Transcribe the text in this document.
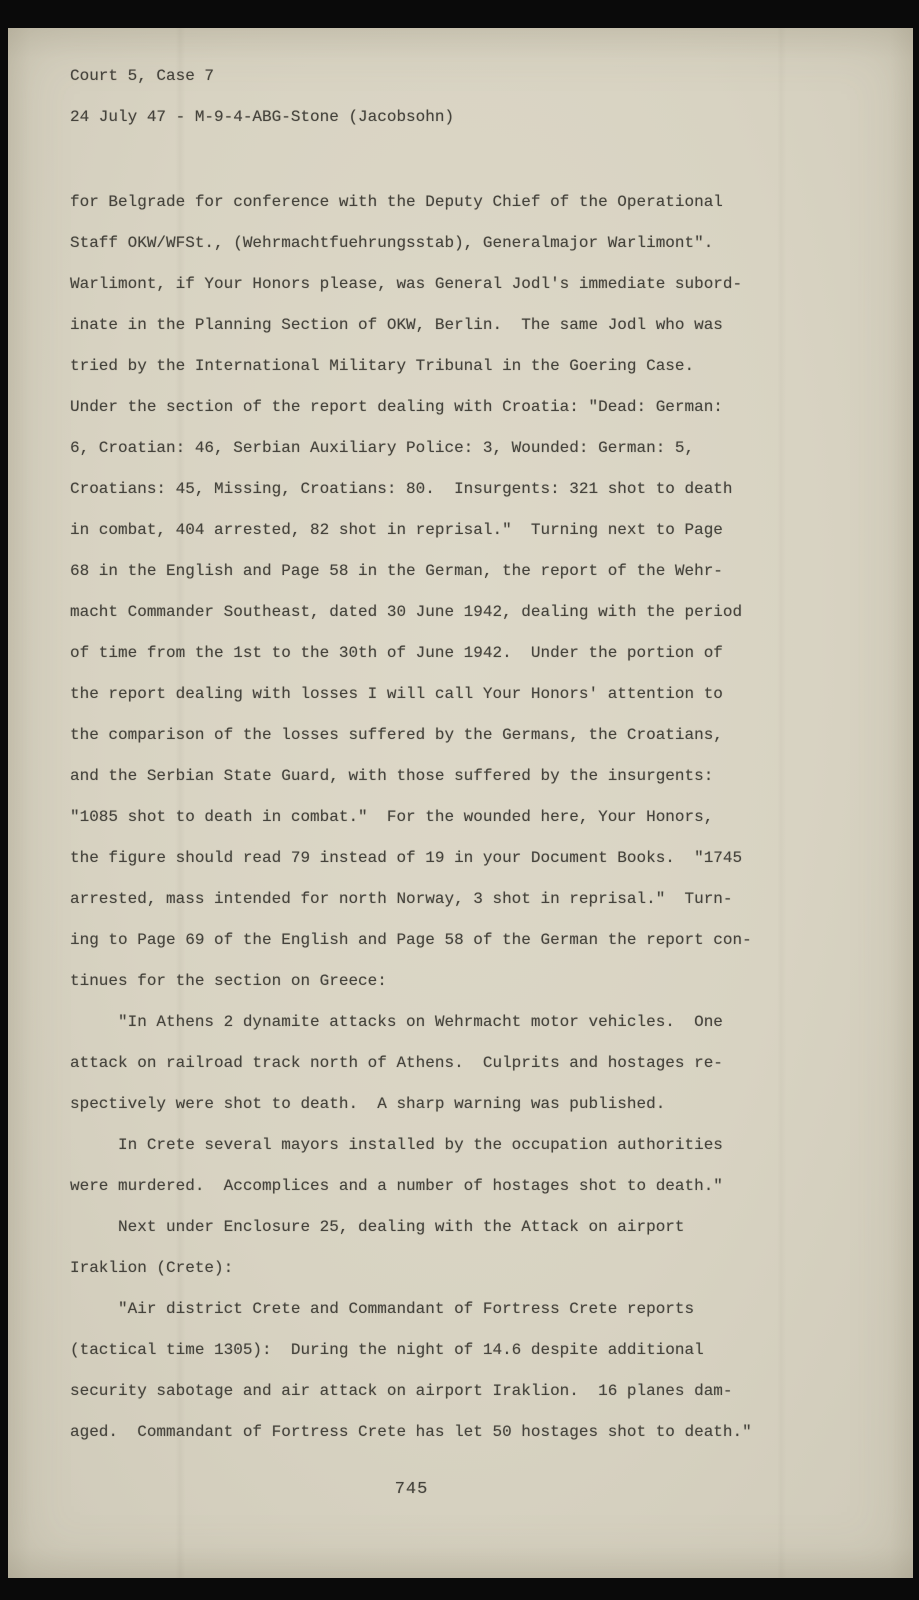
Court 5, Case 7
24 July 47 - M-9-4-ABG-Stone (Jacobsohn)
for Belgrade for conference with the Deputy Chief of the Operational
Staff OKW/WFSt., (Wehrmachtfuehrungsstab), Generalmajor Warlimont".
Warlimont, if Your Honors please, was General Jodl's immediate subord-
inate in the Planning Section of OKW, Berlin.  The same Jodl who was
tried by the International Military Tribunal in the Goering Case.
Under the section of the report dealing with Croatia: "Dead: German:
6, Croatian: 46, Serbian Auxiliary Police: 3, Wounded: German: 5,
Croatians: 45, Missing, Croatians: 80.  Insurgents: 321 shot to death
in combat, 404 arrested, 82 shot in reprisal."  Turning next to Page
68 in the English and Page 58 in the German, the report of the Wehr-
macht Commander Southeast, dated 30 June 1942, dealing with the period
of time from the 1st to the 30th of June 1942.  Under the portion of
the report dealing with losses I will call Your Honors' attention to
the comparison of the losses suffered by the Germans, the Croatians,
and the Serbian State Guard, with those suffered by the insurgents:
"1085 shot to death in combat."  For the wounded here, Your Honors,
the figure should read 79 instead of 19 in your Document Books.  "1745
arrested, mass intended for north Norway, 3 shot in reprisal."  Turn-
ing to Page 69 of the English and Page 58 of the German the report con-
tinues for the section on Greece:
"In Athens 2 dynamite attacks on Wehrmacht motor vehicles.  One
attack on railroad track north of Athens.  Culprits and hostages re-
spectively were shot to death.  A sharp warning was published.
In Crete several mayors installed by the occupation authorities
were murdered.  Accomplices and a number of hostages shot to death."
Next under Enclosure 25, dealing with the Attack on airport
Iraklion (Crete):
"Air district Crete and Commandant of Fortress Crete reports
(tactical time 1305):  During the night of 14.6 despite additional
security sabotage and air attack on airport Iraklion.  16 planes dam-
aged.  Commandant of Fortress Crete has let 50 hostages shot to death."
745
